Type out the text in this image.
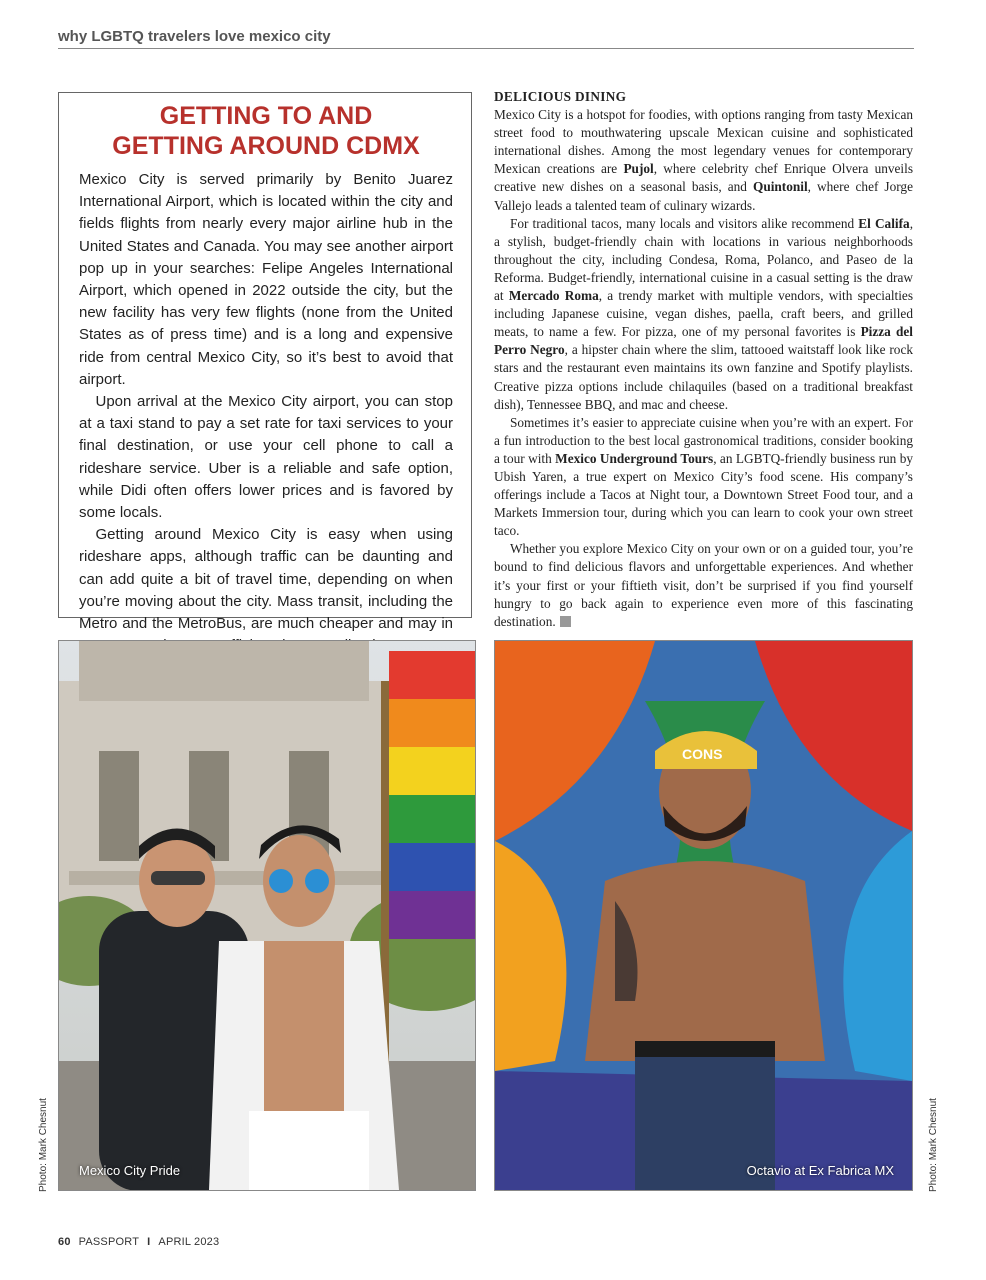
why LGBTQ travelers love mexico city
GETTING TO AND
GETTING AROUND CDMX

Mexico City is served primarily by Benito Juarez International Airport, which is located within the city and fields flights from nearly every major airline hub in the United States and Canada. You may see another airport pop up in your searches: Felipe Angeles International Airport, which opened in 2022 outside the city, but the new facility has very few flights (none from the United States as of press time) and is a long and expensive ride from central Mexico City, so it’s best to avoid that airport.

Upon arrival at the Mexico City airport, you can stop at a taxi stand to pay a set rate for taxi services to your final destination, or use your cell phone to call a rideshare service. Uber is a reliable and safe option, while Didi often offers lower prices and is favored by some locals.

Getting around Mexico City is easy when using rideshare apps, although traffic can be daunting and can add quite a bit of travel time, depending on when you’re moving about the city. Mass transit, including the Metro and the MetroBus, are much cheaper and may in

DELICIOUS DINING

Mexico City is a hotspot for foodies, with options ranging from tasty Mexican street food to mouthwatering upscale Mexican cuisine and sophisticated international dishes. Among the most legendary venues for contemporary Mexican creations are Pujol, where celebrity chef Enrique Olvera unveils creative new dishes on a seasonal basis, and Quintonil, where chef Jorge Vallejo leads a talented team of culinary wizards.

For traditional tacos, many locals and visitors alike recommend El Califa, a stylish, budget-friendly chain with locations in various neighborhoods throughout the city, including Condesa, Roma, Polanco, and Paseo de la Reforma. Budget-friendly, international cuisine in a casual setting is the draw at Mercado Roma, a trendy market with multiple vendors, with specialties including Japanese cuisine, vegan dishes, paella, craft beers, and grilled meats, to name a few. For pizza, one of my personal favorites is Pizza del Perro Negro, a hipster chain where the slim, tattooed waitstaff look like rock stars and the restaurant even maintains its own fanzine and Spotify playlists. Creative pizza options include chilaquiles (based on a traditional breakfast dish), Tennessee BBQ, and mac and cheese.

Sometimes it’s easier to appreciate cuisine when you’re with an expert. For a fun introduction to the best local gastronomical traditions, consider booking a tour with Mexico Underground Tours, an LGBTQ-friendly business run by Ubish Yaren, a true expert on Mexico City’s food scene. His company’s offerings include a Tacos at Night tour, a Downtown Street Food tour, and a Markets Immersion tour, during which you can learn to cook your own street taco.

Whether you explore Mexico City on your own or on a guided tour, you’re bound to find delicious flavors and unforgettable experiences. And whether it’s your first or your fiftieth visit, don’t be surprised if you find yourself hungry to go back again to experience even more of this fascinating destination.

Mexico City Pride
CONS
Octavio at Ex Fabrica MX
Photo: Mark Chesnut	Photo: Mark Chesnut
60 PASSPORT I APRIL 2023
